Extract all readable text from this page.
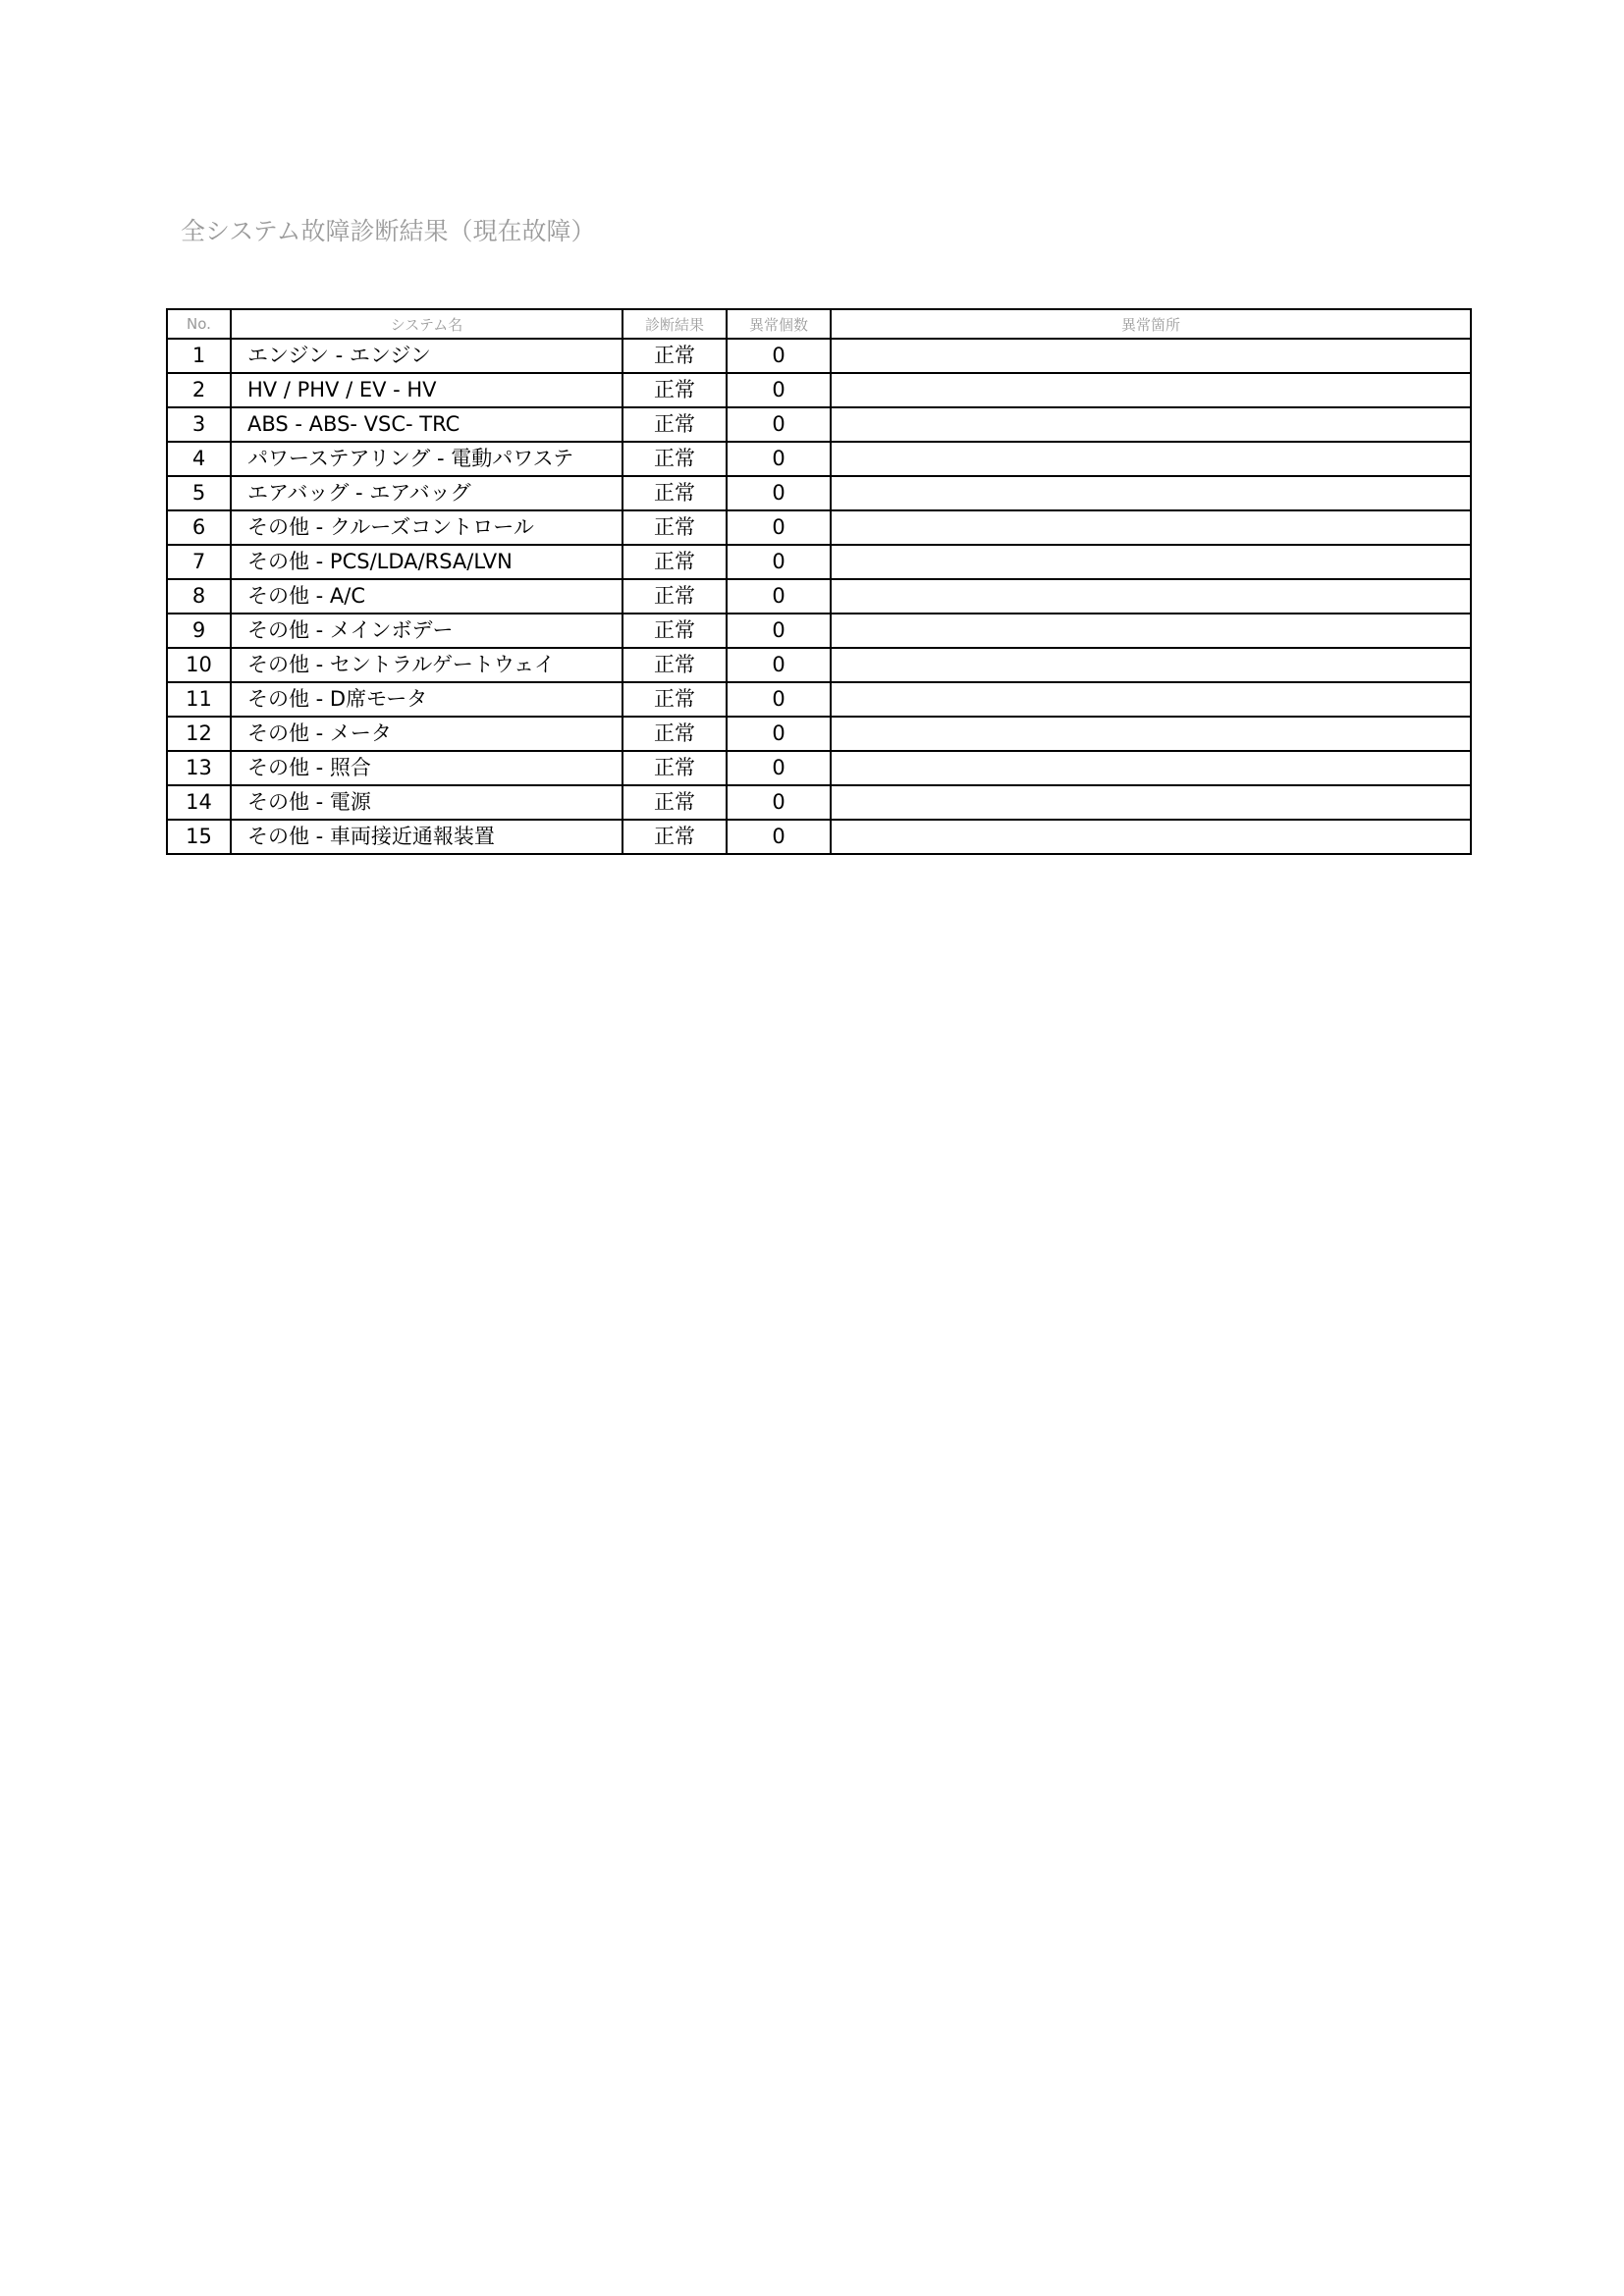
全システム故障診断結果（現在故障）
No.	システム名	診断結果	異常個数	異常箇所
1	エンジン - エンジン	正常	0	
2	HV / PHV / EV - HV	正常	0	
3	ABS - ABS- VSC- TRC	正常	0	
4	パワーステアリング - 電動パワステ	正常	0	
5	エアバッグ - エアバッグ	正常	0	
6	その他 - クルーズコントロール	正常	0	
7	その他 - PCS/LDA/RSA/LVN	正常	0	
8	その他 - A/C	正常	0	
9	その他 - メインボデー	正常	0	
10	その他 - セントラルゲートウェイ	正常	0	
11	その他 - D席モータ	正常	0	
12	その他 - メータ	正常	0	
13	その他 - 照合	正常	0	
14	その他 - 電源	正常	0	
15	その他 - 車両接近通報装置	正常	0	
